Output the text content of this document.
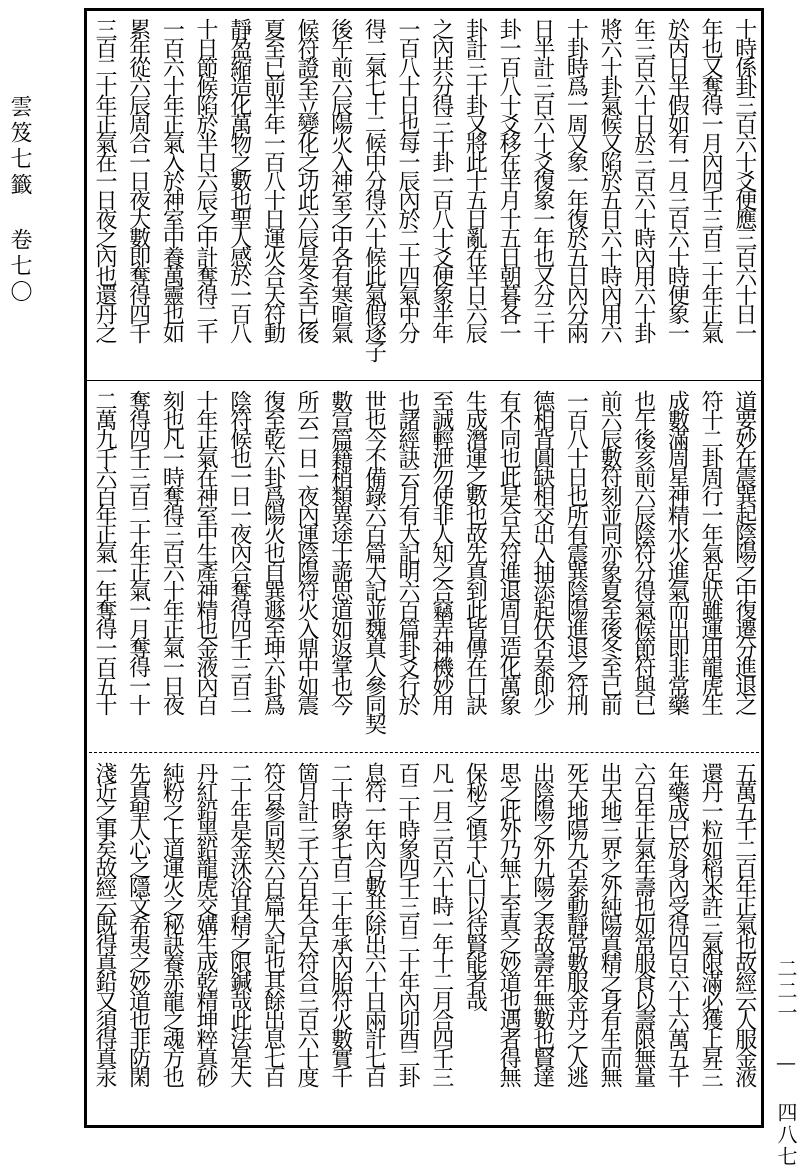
雲笈七籤 卷七〇
二二一 — 四八七
十時係卦三百六十爻便應三百六十日一
年也又奪得一月內四千三百二十年正氣
於丙日半假如有一月三百六十時便象一
年三百六十日於三百六十時內用六十卦
將六十卦氣候又陷於五日六十時內用六
十卦時爲一周又象一年復於五日內分兩
日半計三百六十爻復象一年也又分三十
卦一百八十爻移在半月十五日朝暮各一
卦計三十卦又將此十五日亂在半日六辰
之內共分得三十卦一百八十爻便象半年
一百八十日也每一辰內於二十四氣中分
得二氣七十二候中分得六十候此氣假逐子
後午前六辰陽火入神室之中各有寒暄氣
候符證至立變化之功此六辰是冬至已後
夏至已前半年一百八十日運火合天符動
靜盈縮造化萬物之數也聖人感於一百八
十日節候陷於半日六辰之中計奪得二千
一百六十年正氣入於神室中養萬靈也如
累年從六辰周合一日夜大數即奪得四千
三百二十年正氣在一日夜之內也還丹之
道要妙在震巽起陰陽之中復遷分進退之
符十二卦周行一年氣足狀雖運用龍虎生
成數滿周星神精水火進氣而出即非常藥
也午後亥前六辰陰符分得氣候節符與已
前六辰數符刻並同亦象夏至後冬至已前
一百八十日也所有震巽陰陽進退之符刑
德相背圓缺相交出入抽添起伏否泰即少
有不同也此是合天符進退周旦造化萬象
生成潛運之數也故先真到此皆傳在口訣
至誠輕泄勿使非人知之合竊弄神機妙用
也諸經訣云月有大記明六百篇卦爻行於
世也今不備錄六百篇大記並魏真人參同契
數宣篇籍稍類異途士詭思道如返掌也今
所云一日一夜內運陰陽符火入鼎中如震
復至乾六卦爲陽火也自巽遯至坤六卦爲
陰符候也一日一夜內合奪得四千三百二
十年正氣在神室中生產神精也金液內百
刻也凡一時奪得三百六十年正氣一日夜
奪得四千三百二十年正氣一月奪得一十
二萬九千六百年正氣一年奪得一百五十
五萬五千二百年正氣也故經云人服金液
還丹一粒如稻米許三氣限滿必獲上昇三
年藥成已於身內受得四百六十六萬五千
六百年正氣年壽也如常服食以壽限無量
出天地三界之外純陽真精之身有生而無
死天地陽九否泰動靜常數服金丹之人逃
出陰陽之外九陽之表故壽年無數也賢達
思之此外乃無上至真之妙道也遇者得無
保秘之慎于心口以待賢能者哉
凡一月三百六十時一年十二月合四千三
百二十時象四千三百二十年內卯酉二卦
息符一年內合數共除出六十日兩計七百
二十時象七百二十年承內胎符火數實千
箇月計三千六百年合天符合三百六十度
符合參同契六百篇大記也其餘出息七百
二十年是金沐浴其精之限鍼哉此法是大
丹紅鉛黑鉛龍虎交媾生成乾精坤粹真砂
純粉之上道運火之秘訣養赤龍之魂方也
先真聖人心之隱文希夷之妙道也非防閑
淺近之事矣故經云既得真鉛又須得真汞
